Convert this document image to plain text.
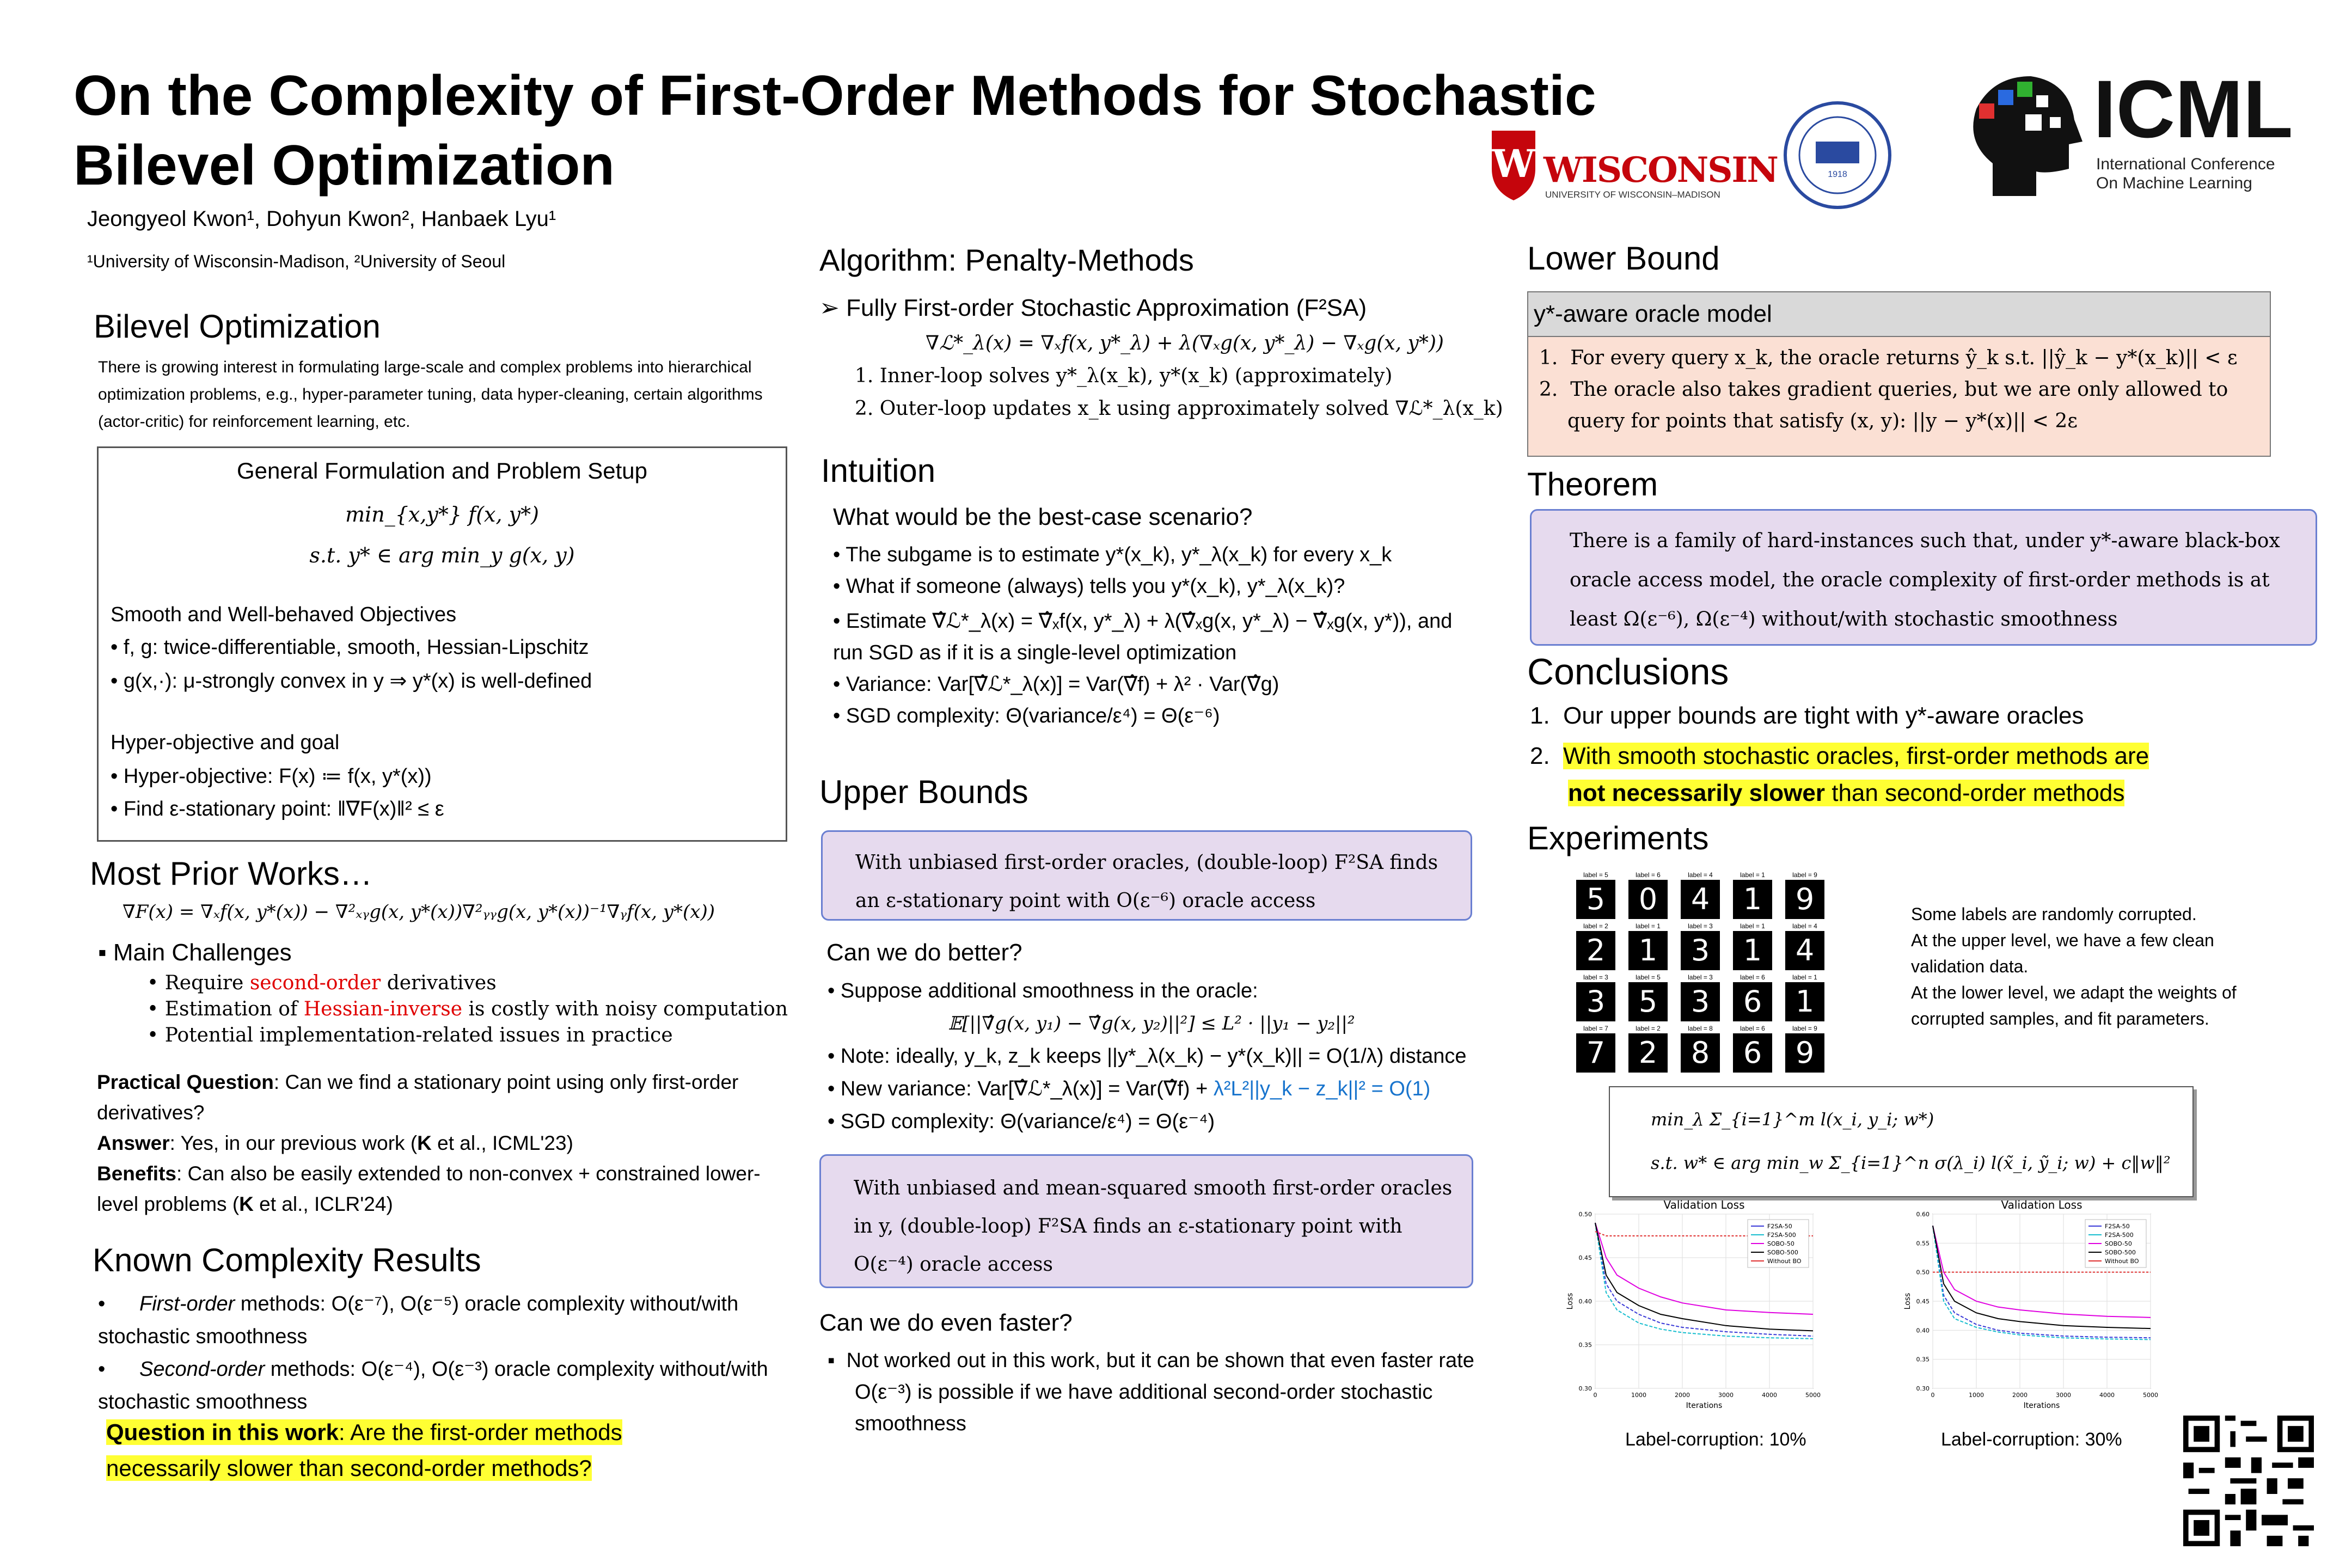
On the Complexity of First-Order Methods for Stochastic Bilevel Optimization
Jeongyeol Kwon¹, Dohyun Kwon², Hanbaek Lyu¹
¹University of Wisconsin-Madison, ²University of Seoul
W WISCONSIN
UNIVERSITY OF WISCONSIN–MADISON
1918
ICML
International Conference
On Machine Learning
Bilevel Optimization
There is growing interest in formulating large-scale and complex problems into hierarchical optimization problems, e.g., hyper-parameter tuning, data hyper-cleaning, certain algorithms (actor-critic) for reinforcement learning, etc.
General Formulation and Problem Setup
min_{x,y*} f(x, y*)
s.t. y* ∈ arg min_y g(x, y)
Smooth and Well-behaved Objectives
• f, g: twice-differentiable, smooth, Hessian-Lipschitz
• g(x,·): μ-strongly convex in y ⇒ y*(x) is well-defined
Hyper-objective and goal
• Hyper-objective: F(x) ≔ f(x, y*(x))
• Find ε-stationary point: ‖∇F(x)‖² ≤ ε
Most Prior Works…
∇F(x) = ∇ₓf(x, y*(x)) − ∇²ₓᵧg(x, y*(x))∇²ᵧᵧg(x, y*(x))⁻¹∇ᵧf(x, y*(x))
▪ Main Challenges
• Require second-order derivatives
• Estimation of Hessian-inverse is costly with noisy computation
• Potential implementation-related issues in practice
Practical Question: Can we find a stationary point using only first-order derivatives?
Answer: Yes, in our previous work (K et al., ICML'23)
Benefits: Can also be easily extended to non-convex + constrained lower-level problems (K et al., ICLR'24)
Known Complexity Results
• First-order methods: O(ε⁻⁷), O(ε⁻⁵) oracle complexity without/with stochastic smoothness
• Second-order methods: O(ε⁻⁴), O(ε⁻³) oracle complexity without/with stochastic smoothness
Question in this work: Are the first-order methods necessarily slower than second-order methods?
Algorithm: Penalty-Methods
➢ Fully First-order Stochastic Approximation (F²SA)
∇ℒ*_λ(x) = ∇ₓf(x, y*_λ) + λ(∇ₓg(x, y*_λ) − ∇ₓg(x, y*))
1. Inner-loop solves y*_λ(x_k), y*(x_k) (approximately)
2. Outer-loop updates x_k using approximately solved ∇ℒ*_λ(x_k)
Intuition
What would be the best-case scenario?
• The subgame is to estimate y*(x_k), y*_λ(x_k) for every x_k
• What if someone (always) tells you y*(x_k), y*_λ(x_k)?
• Estimate ∇̂ℒ*_λ(x) = ∇̂ₓf(x, y*_λ) + λ(∇̂ₓg(x, y*_λ) − ∇̂ₓg(x, y*)), and run SGD as if it is a single-level optimization
• Variance: Var[∇̂ℒ*_λ(x)] = Var(∇̂f) + λ² · Var(∇̂g)
• SGD complexity: Θ(variance/ε⁴) = Θ(ε⁻⁶)
Upper Bounds
With unbiased first-order oracles, (double-loop) F²SA finds an ε-stationary point with O(ε⁻⁶) oracle access
Can we do better?
• Suppose additional smoothness in the oracle:
𝔼[||∇̂g(x, y₁) − ∇̂g(x, y₂)||²] ≤ L² · ||y₁ − y₂||²
• Note: ideally, y_k, z_k keeps ||y*_λ(x_k) − y*(x_k)|| = O(1/λ) distance
• New variance: Var[∇̂ℒ*_λ(x)] = Var(∇̂f) + λ²L²||y_k − z_k||² = O(1)
• SGD complexity: Θ(variance/ε⁴) = Θ(ε⁻⁴)
With unbiased and mean-squared smooth first-order oracles in y, (double-loop) F²SA finds an ε-stationary point with O(ε⁻⁴) oracle access
Can we do even faster?
▪  Not worked out in this work, but it can be shown that even faster rate O(ε⁻³) is possible if we have additional second-order stochastic smoothness
Lower Bound
y*-aware oracle model
1.  For every query x_k, the oracle returns ŷ_k s.t. ||ŷ_k − y*(x_k)|| < ε
2.  The oracle also takes gradient queries, but we are only allowed to query for points that satisfy (x, y): ||y − y*(x)|| < 2ε
Theorem
There is a family of hard-instances such that, under y*-aware black-box oracle access model, the oracle complexity of first-order methods is at least Ω(ε⁻⁶), Ω(ε⁻⁴) without/with stochastic smoothness
Conclusions
1.  Our upper bounds are tight with y*-aware oracles
2.  With smooth stochastic oracles, first-order methods are
not necessarily slower than second-order methods
Experiments
label = 5
5
label = 6
0
label = 4
4
label = 1
1
label = 9
9
label = 2
2
label = 1
1
label = 3
3
label = 1
1
label = 4
4
label = 3
3
label = 5
5
label = 3
3
label = 6
6
label = 1
1
label = 7
7
label = 2
2
label = 8
8
label = 6
6
label = 9
9
Some labels are randomly corrupted.
At the upper level, we have a few clean validation data.
At the lower level, we adapt the weights of corrupted samples, and fit parameters.
min_λ Σ_{i=1}^m l(x_i, y_i; w*)
s.t. w* ∈ arg min_w Σ_{i=1}^n σ(λ_i) l(x̃_i, ỹ_i; w) + c‖w‖²
Validation Loss
0.30
0.35
0.40
0.45
0.50
0	1000	2000	3000	4000	5000
Iterations
Loss
F2SA-50
F2SA-500
SOBO-50
SOBO-500
Without BO
Validation Loss
0.30
0.35
0.40
0.45
0.50
0.55
0.60
0	1000	2000	3000	4000	5000
Iterations
Loss
F2SA-50
F2SA-500
SOBO-50
SOBO-500
Without BO
Label-corruption: 10%	Label-corruption: 30%
